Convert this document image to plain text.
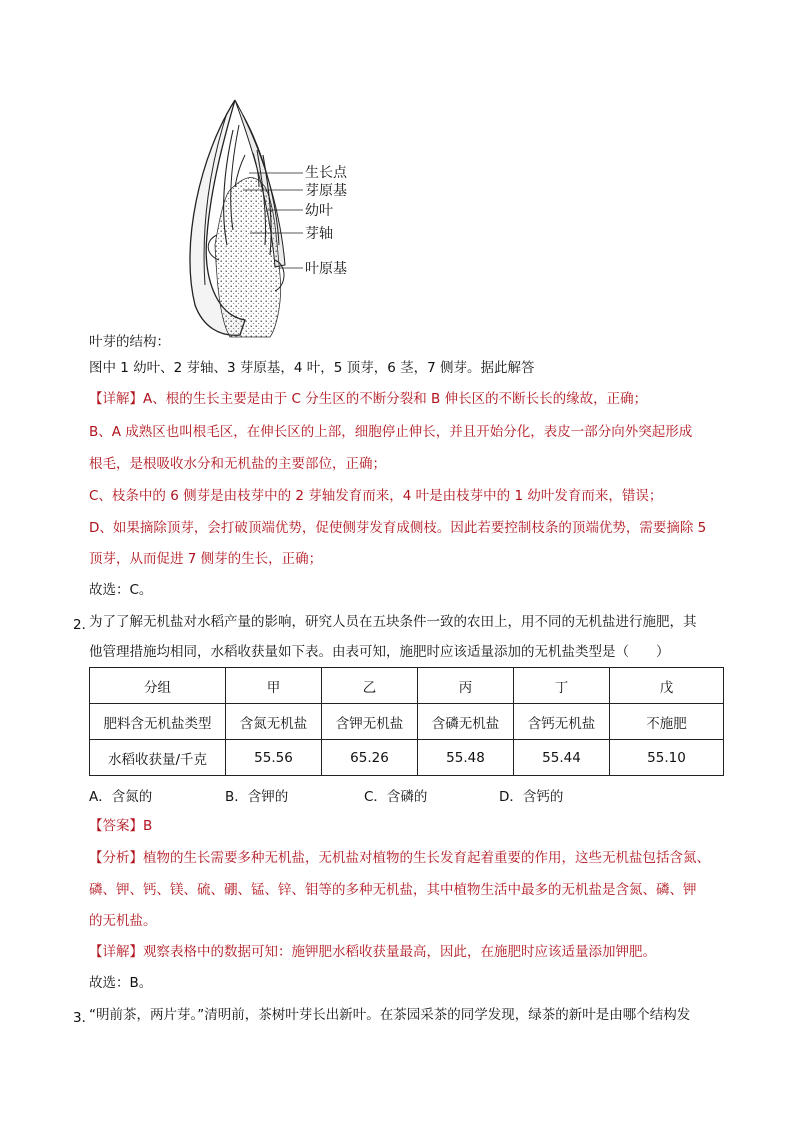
生长点
芽原基
幼叶
芽轴
叶原基
叶芽的结构：
图中 1 幼叶、2 芽轴、3 芽原基，4 叶，5 顶芽，6 茎，7 侧芽。据此解答
【详解】A、根的生长主要是由于 C 分生区的不断分裂和 B 伸长区的不断长长的缘故，正确；
B、A 成熟区也叫根毛区，在伸长区的上部，细胞停止伸长，并且开始分化，表皮一部分向外突起形成
根毛，是根吸收水分和无机盐的主要部位，正确；
C、枝条中的 6 侧芽是由枝芽中的 2 芽轴发育而来，4 叶是由枝芽中的 1 幼叶发育而来，错误；
D、如果摘除顶芽，会打破顶端优势，促使侧芽发育成侧枝。因此若要控制枝条的顶端优势，需要摘除 5
顶芽，从而促进 7 侧芽的生长，正确；
故选：C。
2．
为了了解无机盐对水稻产量的影响，研究人员在五块条件一致的农田上，用不同的无机盐进行施肥，其
他管理措施均相同，水稻收获量如下表。由表可知，施肥时应该适量添加的无机盐类型是（　　）
分组	甲	乙	丙	丁	戊
肥料含无机盐类型	含氮无机盐	含钾无机盐	含磷无机盐	含钙无机盐	不施肥
水稻收获量/千克	55.56	65.26	55.48	55.44	55.10
A．含氮的	B．含钾的	C．含磷的	D．含钙的
【答案】B
【分析】植物的生长需要多种无机盐，无机盐对植物的生长发育起着重要的作用，这些无机盐包括含氮、
磷、钾、钙、镁、硫、硼、锰、锌、钼等的多种无机盐，其中植物生活中最多的无机盐是含氮、磷、钾
的无机盐。
【详解】观察表格中的数据可知：施钾肥水稻收获量最高，因此，在施肥时应该适量添加钾肥。
故选：B。
3．
“明前茶，两片芽。”清明前，茶树叶芽长出新叶。在茶园采茶的同学发现，绿茶的新叶是由哪个结构发
